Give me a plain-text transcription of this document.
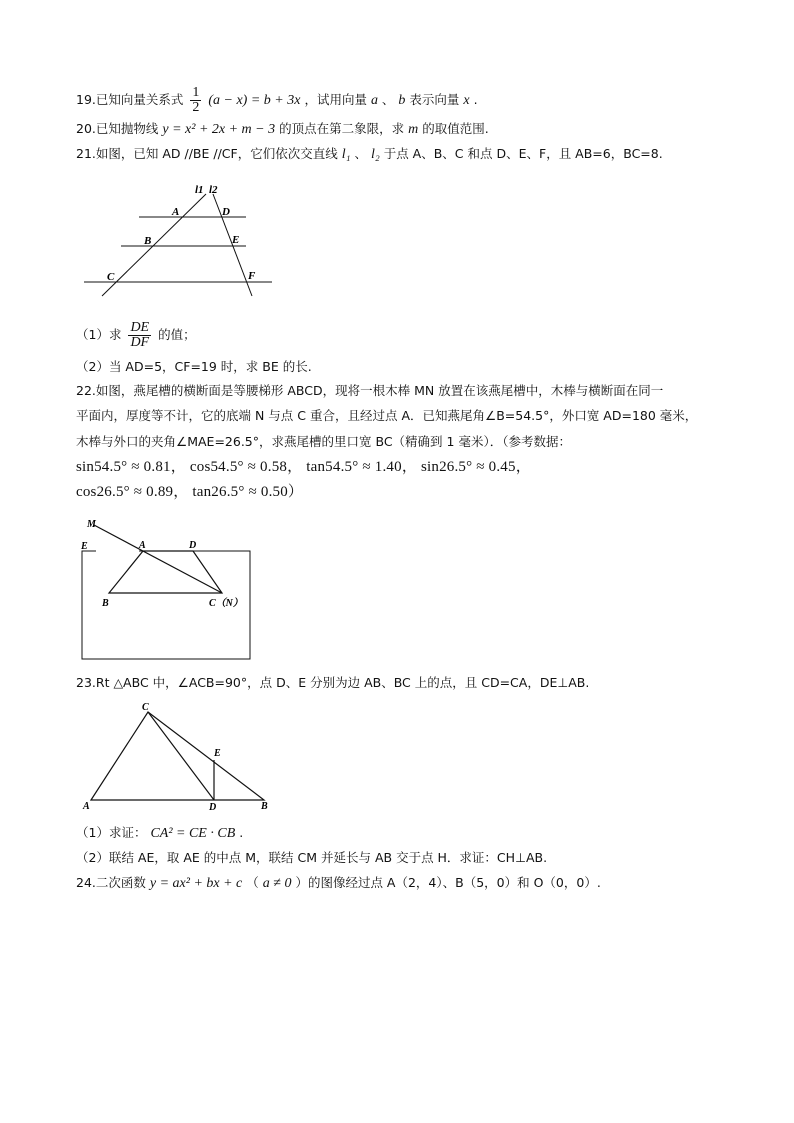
19.已知向量关系式 $\frac{1}{2} (a - x) = b + 3x$ ，试用向量 a 、 b 表示向量 x .
20.已知抛物线 y = x² + 2x + m − 3 的顶点在第二象限，求 m 的取值范围.
21.如图，已知 AD //BE //CF，它们依次交直线 l₁ 、 l₂ 于点 A、B、C 和点 D、E、F，且 AB=6，BC=8.
l1 l2
A	D
B	E
C	F
（1）求 $\frac{DE}{DF}$ 的值；
（2）当 AD=5，CF=19 时，求 BE 的长.
22.如图，燕尾槽的横断面是等腰梯形 ABCD，现将一根木棒 MN 放置在该燕尾槽中，木棒与横断面在同一
平面内，厚度等不计，它的底端 N 与点 C 重合，且经过点 A．已知燕尾角∠B=54.5°，外口宽 AD=180 毫米，
木棒与外口的夹角∠MAE=26.5°，求燕尾槽的里口宽 BC（精确到 1 毫米）．（参考数据：
sin54.5° ≈ 0.81， cos54.5° ≈ 0.58， tan54.5° ≈ 1.40， sin26.5° ≈ 0.45，
cos26.5° ≈ 0.89， tan26.5° ≈ 0.50）
M
E	A	D
B	C（N）
23.Rt △ABC 中，∠ACB=90°，点 D、E 分别为边 AB、BC 上的点，且 CD=CA，DE⊥AB.
C
E
A	D	B
（1）求证： CA² = CE · CB .
（2）联结 AE，取 AE 的中点 M，联结 CM 并延长与 AB 交于点 H．求证：CH⊥AB.
24.二次函数 y = ax² + bx + c （ a ≠ 0 ）的图像经过点 A（2，4）、B（5，0）和 O（0，0）.
